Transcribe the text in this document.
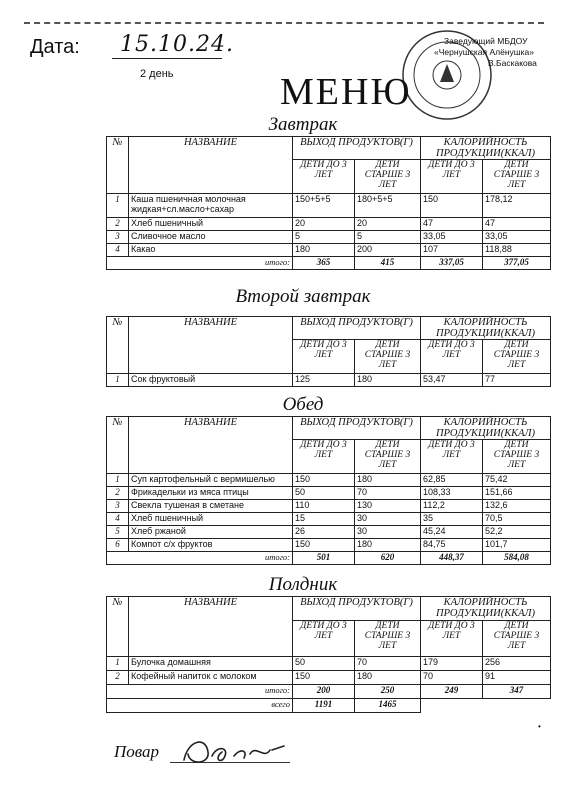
Дата: 15.10.24.
2 день
Заведующий МБДОУ
«Чернушская Алёнушка»
В.Баскакова
МЕНЮ
Завтрак
№	НАЗВАНИЕ	ВЫХОД ПРОДУКТОВ(Г)		КАЛОРИЙНОСТЬ ПРОДУКЦИИ(ККАЛ)	
		ДЕТИ ДО 3 ЛЕТ	ДЕТИ СТАРШЕ 3 ЛЕТ	ДЕТИ ДО 3 ЛЕТ	ДЕТИ СТАРШЕ 3 ЛЕТ
1	Каша пшеничная молочная жидкая+сл.масло+сахар	150+5+5	180+5+5	150	178,12
2	Хлеб пшеничный	20	20	47	47
3	Сливочное масло	5	5	33,05	33,05
4	Какао	180	200	107	118,88
итого:		365	415	337,05	377,05
Второй завтрак
№	НАЗВАНИЕ	ВЫХОД ПРОДУКТОВ(Г)		КАЛОРИЙНОСТЬ ПРОДУКЦИИ(ККАЛ)	
		ДЕТИ ДО 3 ЛЕТ	ДЕТИ СТАРШЕ 3 ЛЕТ	ДЕТИ ДО 3 ЛЕТ	ДЕТИ СТАРШЕ 3 ЛЕТ
1	Сок фруктовый	125	180	53,47	77
Обед
№	НАЗВАНИЕ	ВЫХОД ПРОДУКТОВ(Г)		КАЛОРИЙНОСТЬ ПРОДУКЦИИ(ККАЛ)	
		ДЕТИ ДО 3 ЛЕТ	ДЕТИ СТАРШЕ 3 ЛЕТ	ДЕТИ ДО 3 ЛЕТ	ДЕТИ СТАРШЕ 3 ЛЕТ
1	Суп картофельный с вермишелью	150	180	62,85	75,42
2	Фрикадельки из мяса птицы	50	70	108,33	151,66
3	Свекла тушеная в сметане	110	130	112,2	132,6
4	Хлеб пшеничный	15	30	35	70,5
5	Хлеб ржаной	26	30	45,24	52,2
6	Компот с/х фруктов	150	180	84,75	101,7
итого:		501	620	448,37	584,08
Полдник
№	НАЗВАНИЕ	ВЫХОД ПРОДУКТОВ(Г)		КАЛОРИЙНОСТЬ ПРОДУКЦИИ(ККАЛ)	
		ДЕТИ ДО 3 ЛЕТ	ДЕТИ СТАРШЕ 3 ЛЕТ	ДЕТИ ДО 3 ЛЕТ	ДЕТИ СТАРШЕ 3 ЛЕТ
1	Булочка домашняя	50	70	179	256
2	Кофейный напиток с молоком	150	180	70	91
итого:		200	250	249	347
всего		1191	1465		
Повар
•
